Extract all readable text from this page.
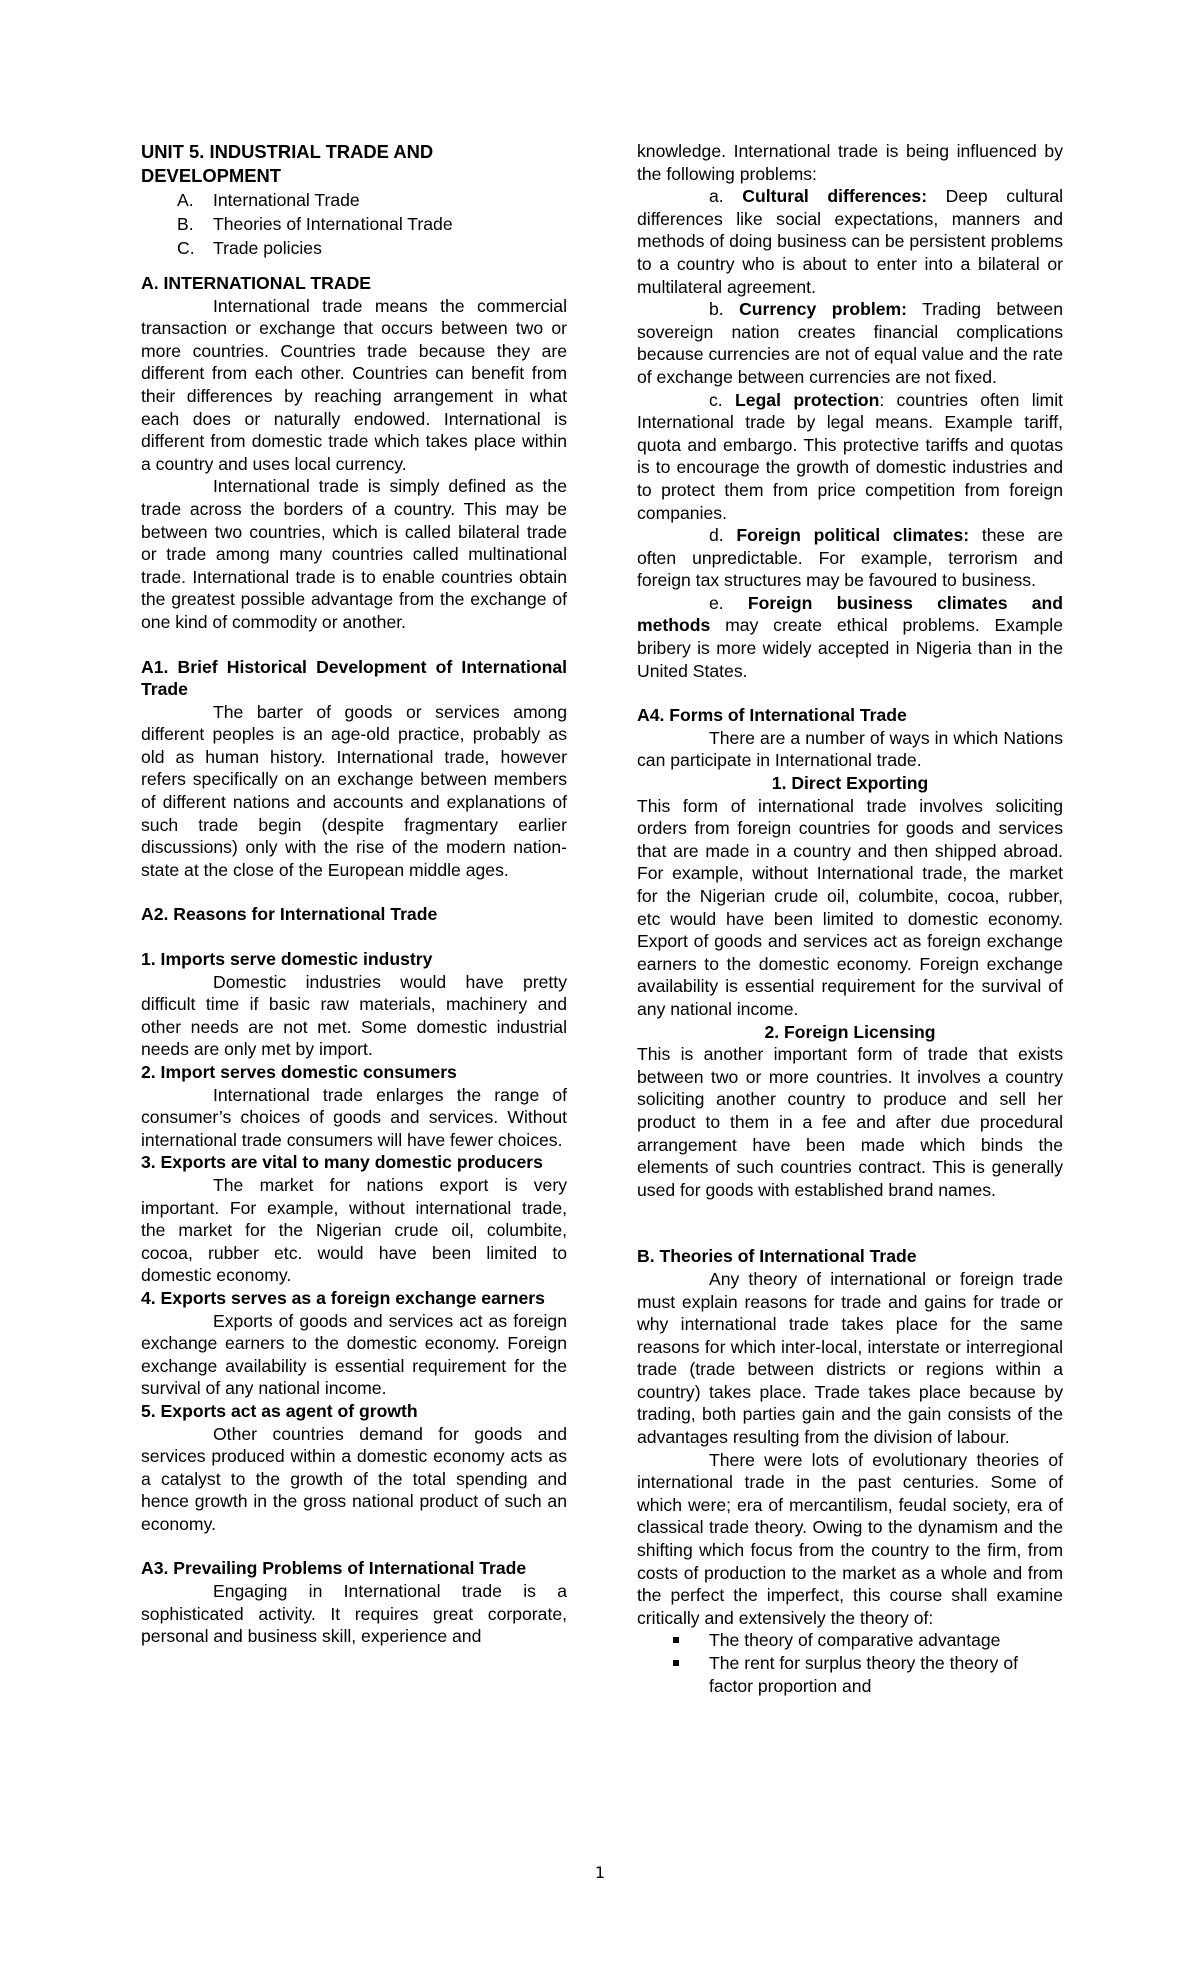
UNIT 5. INDUSTRIAL TRADE AND DEVELOPMENT

A. International Trade
B. Theories of International Trade
C. Trade policies

A. INTERNATIONAL TRADE

International trade means the commercial transaction or exchange that occurs between two or more countries. Countries trade because they are different from each other. Countries can benefit from their differences by reaching arrangement in what each does or naturally endowed. International is different from domestic trade which takes place within a country and uses local currency.

International trade is simply defined as the trade across the borders of a country. This may be between two countries, which is called bilateral trade or trade among many countries called multinational trade. International trade is to enable countries obtain the greatest possible advantage from the exchange of one kind of commodity or another.

A1. Brief Historical Development of International Trade

The barter of goods or services among different peoples is an age-old practice, probably as old as human history. International trade, however refers specifically on an exchange between members of different nations and accounts and explanations of such trade begin (despite fragmentary earlier discussions) only with the rise of the modern nation-state at the close of the European middle ages.

A2. Reasons for International Trade

1. Imports serve domestic industry

Domestic industries would have pretty difficult time if basic raw materials, machinery and other needs are not met. Some domestic industrial needs are only met by import.

2. Import serves domestic consumers

International trade enlarges the range of consumer’s choices of goods and services. Without international trade consumers will have fewer choices.

3. Exports are vital to many domestic producers

The market for nations export is very important. For example, without international trade, the market for the Nigerian crude oil, columbite, cocoa, rubber etc. would have been limited to domestic economy.

4. Exports serves as a foreign exchange earners

Exports of goods and services act as foreign exchange earners to the domestic economy. Foreign exchange availability is essential requirement for the survival of any national income.

5. Exports act as agent of growth

Other countries demand for goods and services produced within a domestic economy acts as a catalyst to the growth of the total spending and hence growth in the gross national product of such an economy.

A3. Prevailing Problems of International Trade

Engaging in International trade is a sophisticated activity. It requires great corporate, personal and business skill, experience and

knowledge. International trade is being influenced by the following problems:

a. Cultural differences: Deep cultural differences like social expectations, manners and methods of doing business can be persistent problems to a country who is about to enter into a bilateral or multilateral agreement.

b. Currency problem: Trading between sovereign nation creates financial complications because currencies are not of equal value and the rate of exchange between currencies are not fixed.

c. Legal protection: countries often limit International trade by legal means. Example tariff, quota and embargo. This protective tariffs and quotas is to encourage the growth of domestic industries and to protect them from price competition from foreign companies.

d. Foreign political climates: these are often unpredictable. For example, terrorism and foreign tax structures may be favoured to business.

e. Foreign business climates and methods may create ethical problems. Example bribery is more widely accepted in Nigeria than in the United States.

A4. Forms of International Trade

There are a number of ways in which Nations can participate in International trade.

1. Direct Exporting

This form of international trade involves soliciting orders from foreign countries for goods and services that are made in a country and then shipped abroad. For example, without International trade, the market for the Nigerian crude oil, columbite, cocoa, rubber, etc would have been limited to domestic economy. Export of goods and services act as foreign exchange earners to the domestic economy. Foreign exchange availability is essential requirement for the survival of any national income.

2. Foreign Licensing

This is another important form of trade that exists between two or more countries. It involves a country soliciting another country to produce and sell her product to them in a fee and after due procedural arrangement have been made which binds the elements of such countries contract. This is generally used for goods with established brand names.

B. Theories of International Trade

Any theory of international or foreign trade must explain reasons for trade and gains for trade or why international trade takes place for the same reasons for which inter-local, interstate or interregional trade (trade between districts or regions within a country) takes place. Trade takes place because by trading, both parties gain and the gain consists of the advantages resulting from the division of labour.

There were lots of evolutionary theories of international trade in the past centuries. Some of which were; era of mercantilism, feudal society, era of classical trade theory. Owing to the dynamism and the shifting which focus from the country to the firm, from costs of production to the market as a whole and from the perfect the imperfect, this course shall examine critically and extensively the theory of:

The theory of comparative advantage
The rent for surplus theory the theory of factor proportion and
1
